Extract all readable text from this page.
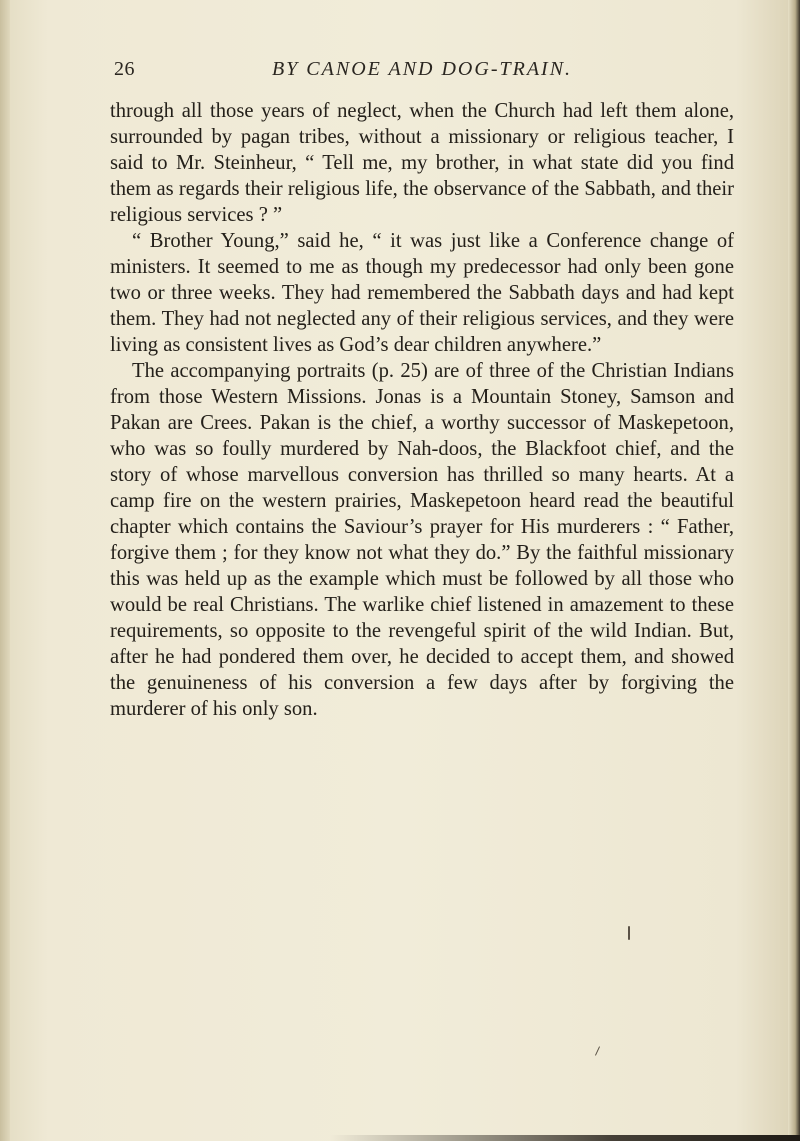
26	BY CANOE AND DOG-TRAIN.

through all those years of neglect, when the Church had left them alone, surrounded by pagan tribes, without a missionary or religious teacher, I said to Mr. Steinheur, “ Tell me, my brother, in what state did you find them as regards their religious life, the observance of the Sabbath, and their religious services ? ”

“ Brother Young,” said he, “ it was just like a Conference change of ministers. It seemed to me as though my predecessor had only been gone two or three weeks. They had remembered the Sabbath days and had kept them. They had not neglected any of their religious services, and they were living as consistent lives as God’s dear children anywhere.”

The accompanying portraits (p. 25) are of three of the Christian Indians from those Western Missions. Jonas is a Mountain Stoney, Samson and Pakan are Crees. Pakan is the chief, a worthy successor of Maskepetoon, who was so foully murdered by Nah-doos, the Blackfoot chief, and the story of whose marvellous conversion has thrilled so many hearts. At a camp fire on the western prairies, Maskepetoon heard read the beautiful chapter which contains the Saviour’s prayer for His murderers : “ Father, forgive them ; for they know not what they do.” By the faithful missionary this was held up as the example which must be followed by all those who would be real Christians. The warlike chief listened in amazement to these requirements, so opposite to the revengeful spirit of the wild Indian. But, after he had pondered them over, he decided to accept them, and showed the genuineness of his conversion a few days after by forgiving the murderer of his only son.
